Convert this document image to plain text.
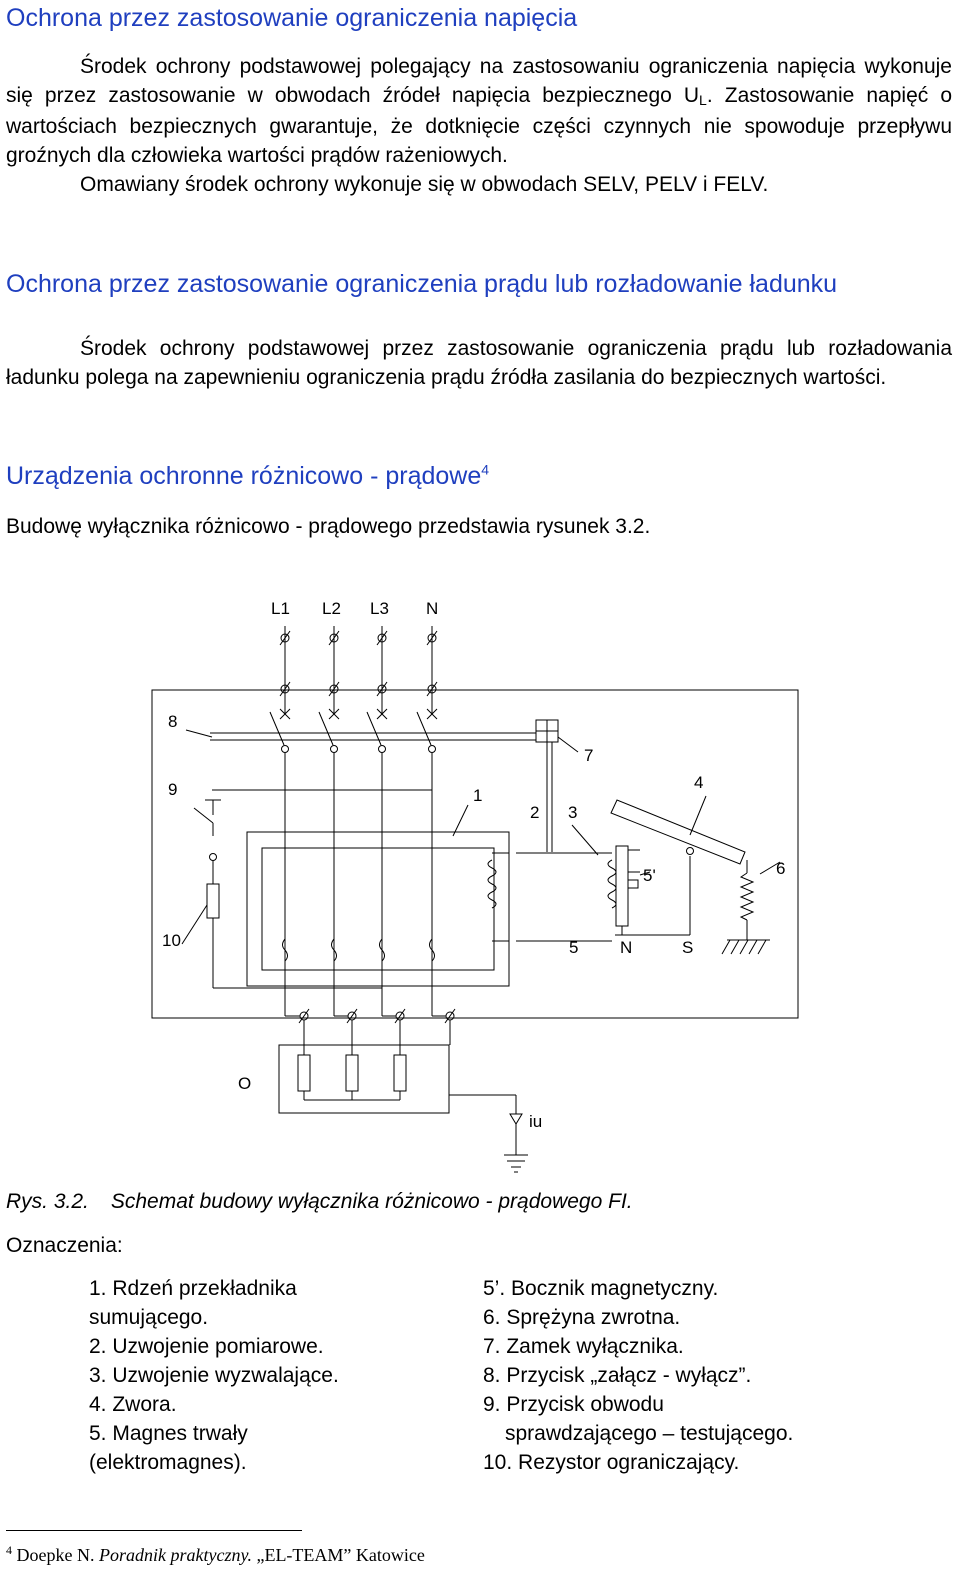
Ochrona przez zastosowanie ograniczenia napięcia

Środek ochrony podstawowej polegający na zastosowaniu ograniczenia napięcia wykonuje się przez zastosowanie w obwodach źródeł napięcia bezpiecznego $U_L$. Zastosowanie napięć o wartościach bezpiecznych gwarantuje, że dotknięcie części czynnych nie spowoduje przepływu groźnych dla człowieka wartości prądów rażeniowych.
Omawiany środek ochrony wykonuje się w obwodach SELV, PELV i FELV.

Ochrona przez zastosowanie ograniczenia prądu lub rozładowanie ładunku

Środek ochrony podstawowej przez zastosowanie ograniczenia prądu lub rozładowania ładunku polega na zapewnieniu ograniczenia prądu źródła zasilania do bezpiecznych wartości.

Urządzenia ochronne różnicowo - prądowe$^4$

Budowę wyłącznika różnicowo - prądowego przedstawia rysunek 3.2.

L1 L2 L3 N
8
9
7
4
1
2 3
5'	6
10	5 N	S
O
iu
Rys. 3.2. Schemat budowy wyłącznika różnicowo - prądowego FI.
Oznaczenia:
1. Rdzeń przekładnika
sumującego.
2. Uzwojenie pomiarowe.
3. Uzwojenie wyzwalające.
4. Zwora.
5. Magnes trwały
(elektromagnes).
5’. Bocznik magnetyczny.
6. Sprężyna zwrotna.
7. Zamek wyłącznika.
8. Przycisk „załącz - wyłącz”.
9. Przycisk obwodu
sprawdzającego – testującego.
10. Rezystor ograniczający.
$^4$ Doepke N. Poradnik praktyczny. „EL-TEAM” Katowice
